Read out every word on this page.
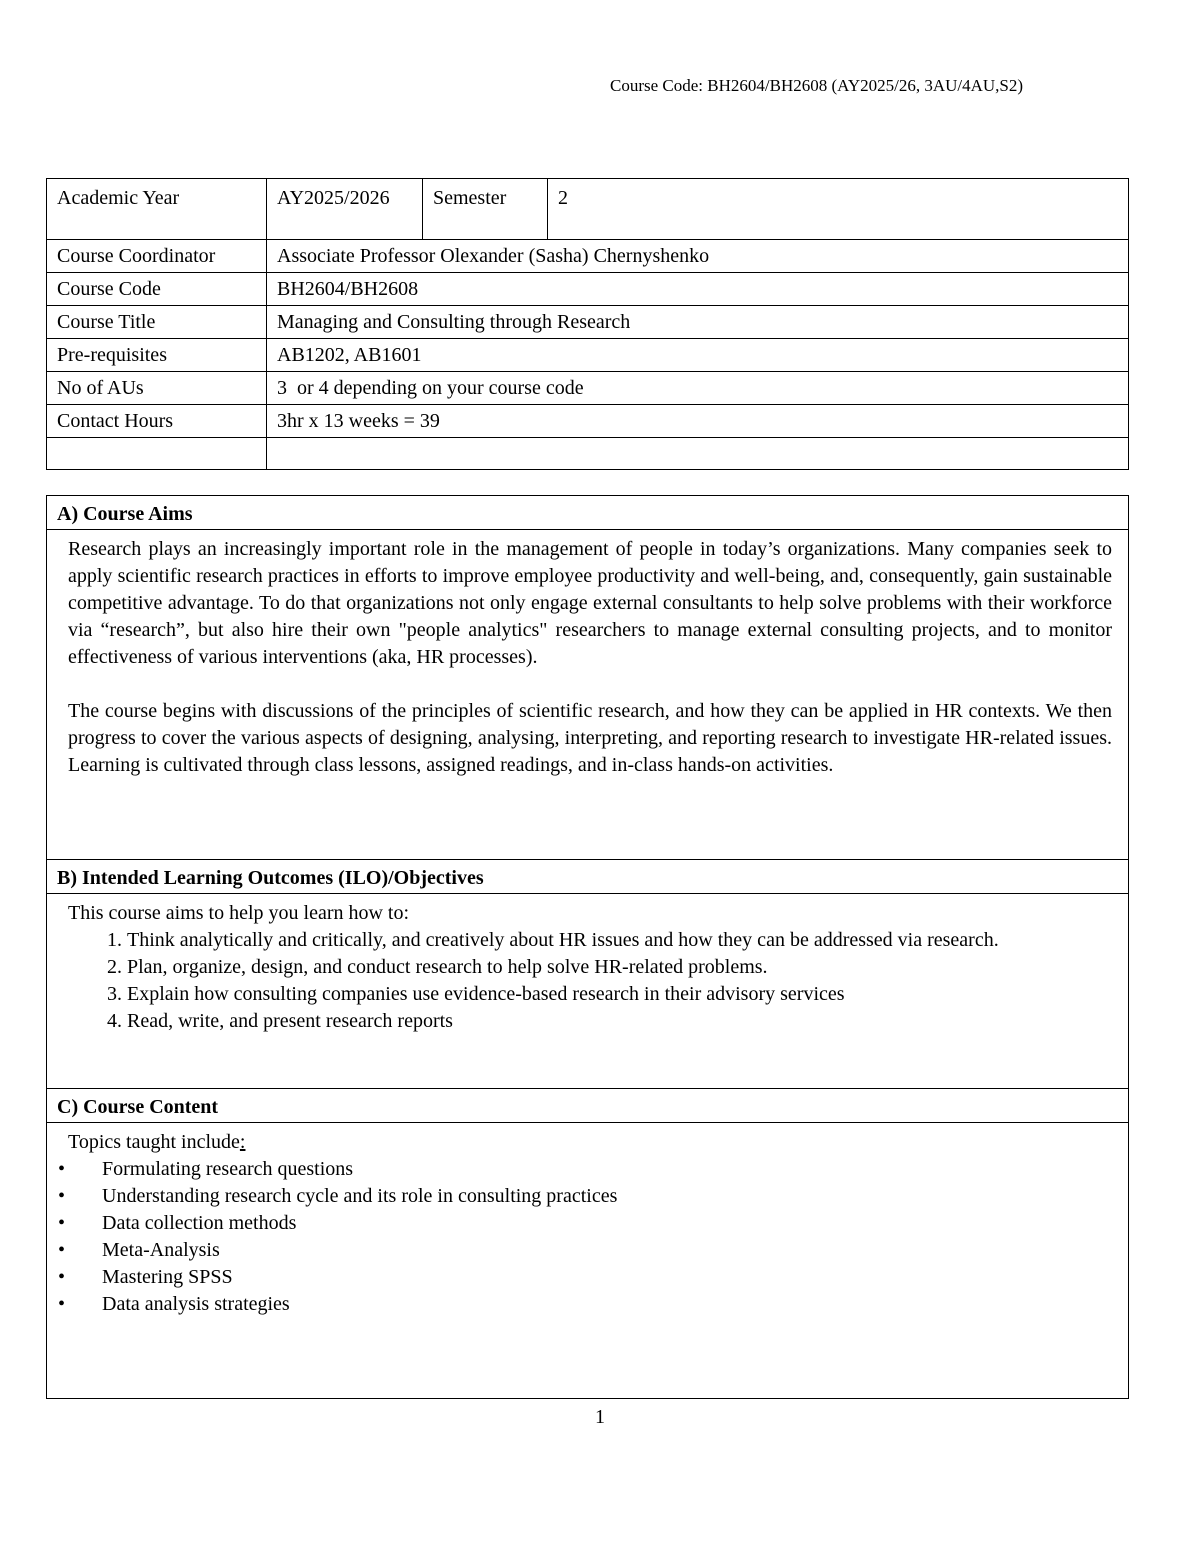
Course Code: BH2604/BH2608 (AY2025/26, 3AU/4AU,S2)
Academic Year	AY2025/2026	Semester	2
Course Coordinator	Associate Professor Olexander (Sasha) Chernyshenko		
Course Code	BH2604/BH2608		
Course Title	Managing and Consulting through Research		
Pre-requisites	AB1202, AB1601		
No of AUs	3  or 4 depending on your course code		
Contact Hours	3hr x 13 weeks = 39		

A) Course Aims

Research plays an increasingly important role in the management of people in today’s organizations. Many companies seek to apply scientific research practices in efforts to improve employee productivity and well-being, and, consequently, gain sustainable competitive advantage. To do that organizations not only engage external consultants to help solve problems with their workforce via “research”, but also hire their own "people analytics" researchers to manage external consulting projects, and to monitor effectiveness of various interventions (aka, HR processes).

The course begins with discussions of the principles of scientific research, and how they can be applied in HR contexts. We then progress to cover the various aspects of designing, analysing, interpreting, and reporting research to investigate HR-related issues. Learning is cultivated through class lessons, assigned readings, and in-class hands-on activities.

B) Intended Learning Outcomes (ILO)/Objectives
This course aims to help you learn how to:
1. Think analytically and critically, and creatively about HR issues and how they can be addressed via research.
2. Plan, organize, design, and conduct research to help solve HR-related problems.
3. Explain how consulting companies use evidence-based research in their advisory services
4. Read, write, and present research reports
C) Course Content
Topics taught include:
• Formulating research questions
• Understanding research cycle and its role in consulting practices
• Data collection methods
• Meta-Analysis
• Mastering SPSS
• Data analysis strategies
1
